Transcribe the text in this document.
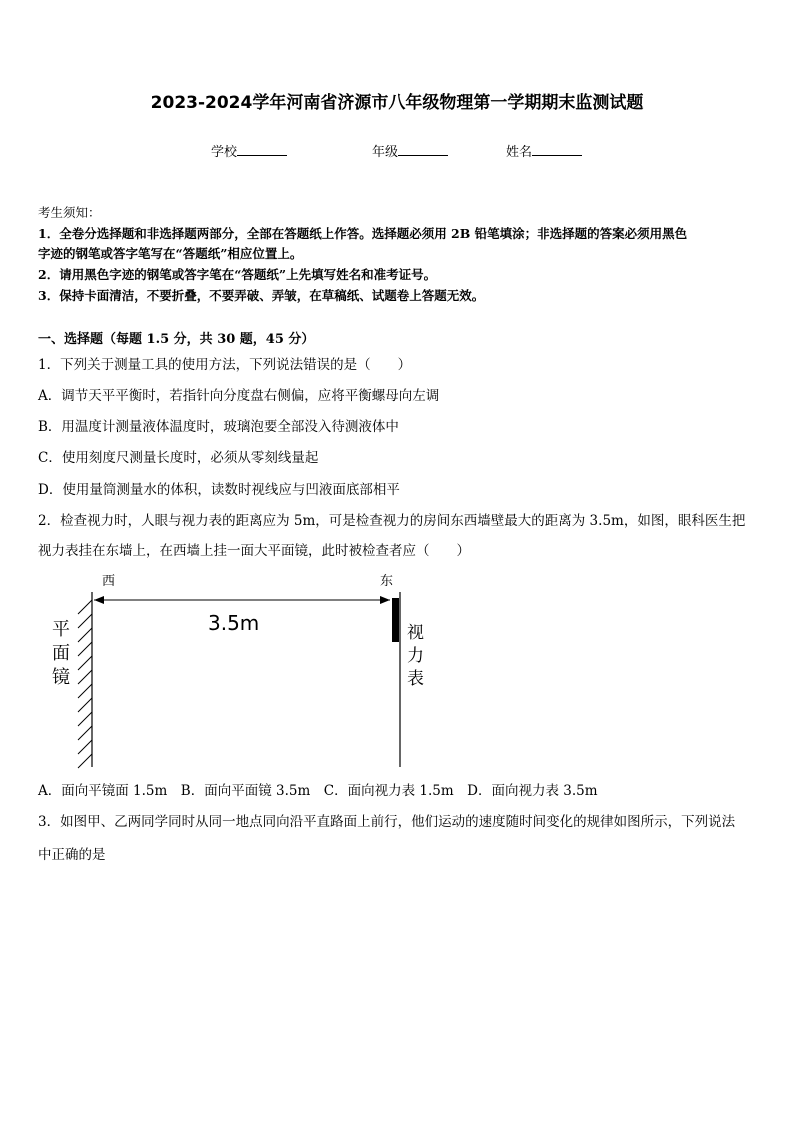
2023-2024学年河南省济源市八年级物理第一学期期末监测试题
学校	年级	姓名
考生须知：
1．全卷分选择题和非选择题两部分，全部在答题纸上作答。选择题必须用 2B 铅笔填涂；非选择题的答案必须用黑色
字迹的钢笔或答字笔写在“答题纸”相应位置上。
2．请用黑色字迹的钢笔或答字笔在“答题纸”上先填写姓名和准考证号。
3．保持卡面清洁，不要折叠，不要弄破、弄皱，在草稿纸、试题卷上答题无效。
一、选择题（每题 1.5 分，共 30 题，45 分）
1．下列关于测量工具的使用方法，下列说法错误的是（　　）
A．调节天平平衡时，若指针向分度盘右侧偏，应将平衡螺母向左调
B．用温度计测量液体温度时，玻璃泡要全部没入待测液体中
C．使用刻度尺测量长度时，必须从零刻线量起
D．使用量筒测量水的体积，读数时视线应与凹液面底部相平
2．检查视力时，人眼与视力表的距离应为 5m，可是检查视力的房间东西墙壁最大的距离为 3.5m，如图，眼科医生把
视力表挂在东墙上，在西墙上挂一面大平面镜，此时被检查者应（　　）
西	东
3.5m
平
面
镜
视
力
表
A．面向平镜面 1.5m　B．面向平面镜 3.5m　C．面向视力表 1.5m　D．面向视力表 3.5m
3．如图甲、乙两同学同时从同一地点同向沿平直路面上前行，他们运动的速度随时间变化的规律如图所示，下列说法
中正确的是
